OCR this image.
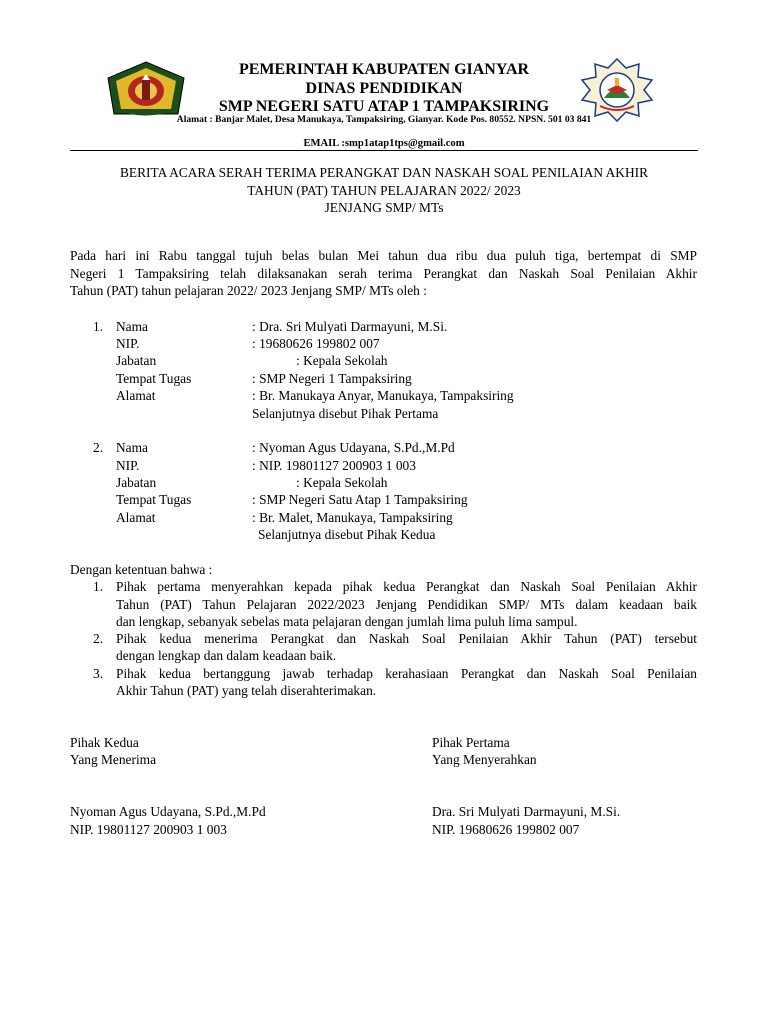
PEMERINTAH KABUPATEN GIANYAR
DINAS PENDIDIKAN
SMP NEGERI SATU ATAP 1 TAMPAKSIRING
Alamat : Banjar Malet, Desa Manukaya, Tampaksiring, Gianyar. Kode Pos. 80552. NPSN. 501 03 841
EMAIL :smp1atap1tps@gmail.com
BERITA ACARA SERAH TERIMA PERANGKAT DAN NASKAH SOAL PENILAIAN AKHIR
TAHUN (PAT) TAHUN PELAJARAN 2022/ 2023
JENJANG SMP/ MTs
Pada hari ini Rabu tanggal tujuh belas bulan Mei tahun dua ribu dua puluh tiga, bertempat di SMP
Negeri 1 Tampaksiring telah dilaksanakan serah terima Perangkat dan Naskah Soal Penilaian Akhir
Tahun (PAT) tahun pelajaran 2022/ 2023 Jenjang SMP/ MTs oleh :
1. Nama	: Dra. Sri Mulyati Darmayuni, M.Si.
NIP.	: 19680626 199802 007
Jabatan	: Kepala Sekolah
Tempat Tugas	: SMP Negeri 1 Tampaksiring
Alamat	: Br. Manukaya Anyar, Manukaya, Tampaksiring
Selanjutnya disebut Pihak Pertama
2. Nama	: Nyoman Agus Udayana, S.Pd.,M.Pd
NIP.	: NIP. 19801127 200903 1 003
Jabatan	: Kepala Sekolah
Tempat Tugas	: SMP Negeri Satu Atap 1 Tampaksiring
Alamat	: Br. Malet, Manukaya, Tampaksiring
Selanjutnya disebut Pihak Kedua
Dengan ketentuan bahwa :
1. Pihak pertama menyerahkan kepada pihak kedua Perangkat dan Naskah Soal Penilaian Akhir
Tahun (PAT) Tahun Pelajaran 2022/2023 Jenjang Pendidikan SMP/ MTs dalam keadaan baik
dan lengkap, sebanyak sebelas mata pelajaran dengan jumlah lima puluh lima sampul.
2. Pihak kedua menerima Perangkat dan Naskah Soal Penilaian Akhir Tahun (PAT) tersebut
dengan lengkap dan dalam keadaan baik.
3. Pihak kedua bertanggung jawab terhadap kerahasiaan Perangkat dan Naskah Soal Penilaian
Akhir Tahun (PAT) yang telah diserahterimakan.
Pihak Kedua
Yang Menerima
Nyoman Agus Udayana, S.Pd.,M.Pd
NIP. 19801127 200903 1 003
Pihak Pertama
Yang Menyerahkan
Dra. Sri Mulyati Darmayuni, M.Si.
NIP. 19680626 199802 007
